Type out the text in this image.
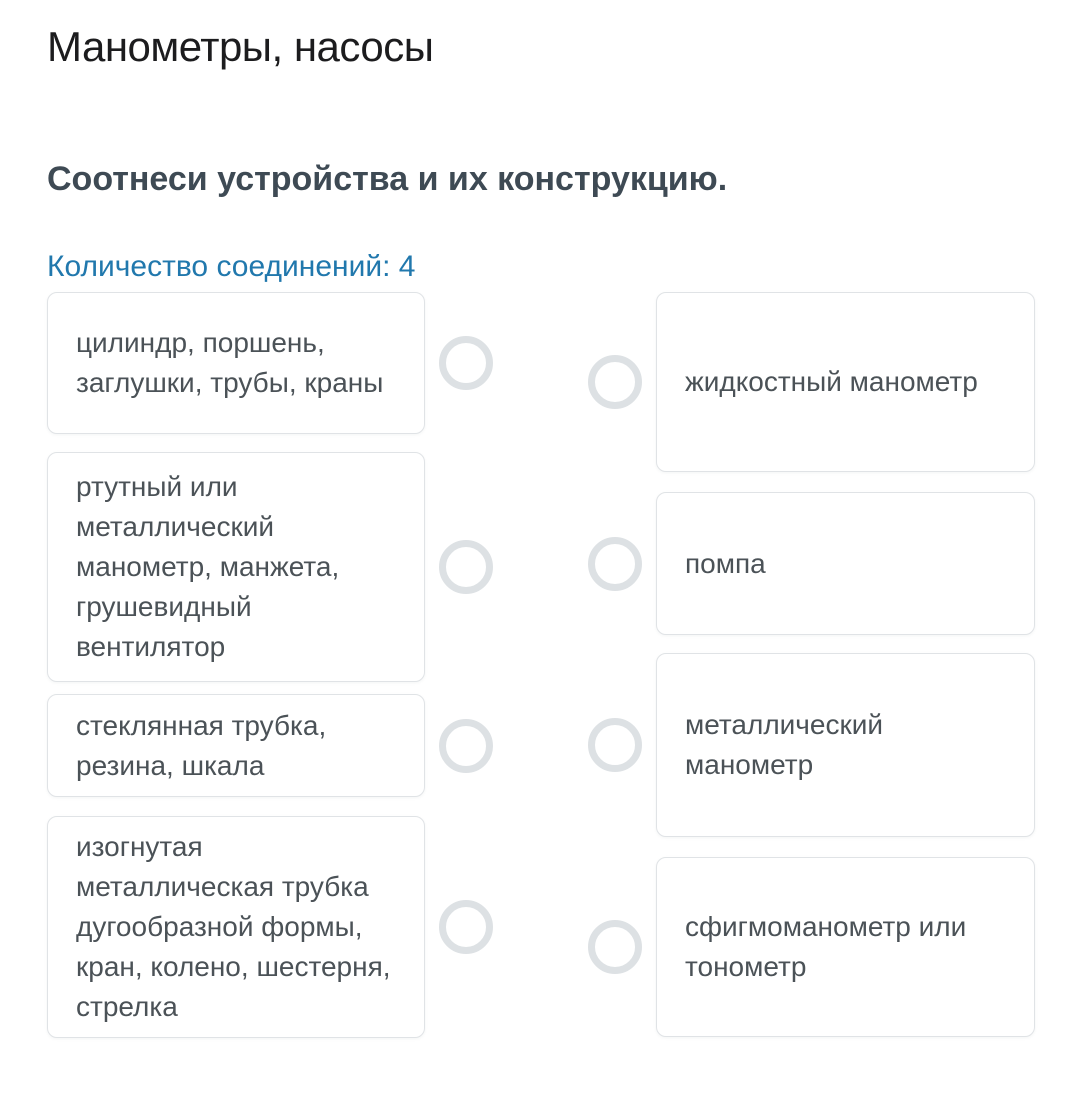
Манометры, насосы
Соотнеси устройства и их конструкцию.
Количество соединений: 4
цилиндр, поршень, заглушки, трубы, краны
ртутный или металлический манометр, манжета, грушевидный вентилятор
стеклянная трубка, резина, шкала
изогнутая металлическая трубка дугообразной формы, кран, колено, шестерня, стрелка
жидкостный манометр
помпа
металлический манометр
сфигмоманометр или тонометр
